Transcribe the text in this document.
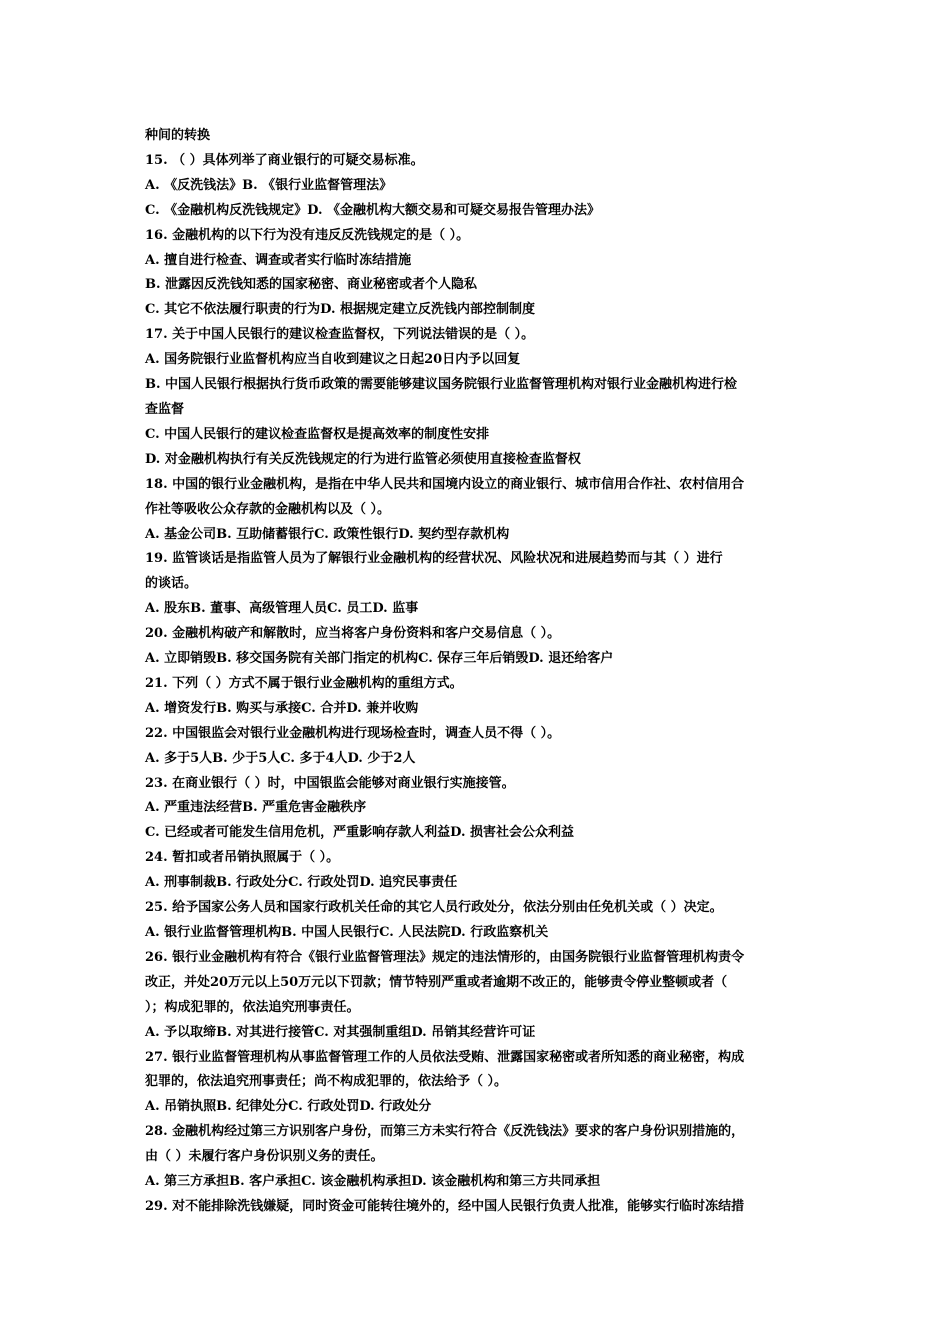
种间的转换
15. （ ）具体列举了商业银行的可疑交易标准。
A. 《反洗钱法》B. 《银行业监督管理法》
C. 《金融机构反洗钱规定》D. 《金融机构大额交易和可疑交易报告管理办法》
16. 金融机构的以下行为没有违反反洗钱规定的是（ ）。
A. 擅自进行检查、调查或者实行临时冻结措施
B. 泄露因反洗钱知悉的国家秘密、商业秘密或者个人隐私
C. 其它不依法履行职责的行为D. 根据规定建立反洗钱内部控制制度
17. 关于中国人民银行的建议检查监督权，下列说法错误的是（ ）。
A. 国务院银行业监督机构应当自收到建议之日起20日内予以回复
B. 中国人民银行根据执行货币政策的需要能够建议国务院银行业监督管理机构对银行业金融机构进行检
查监督
C. 中国人民银行的建议检查监督权是提高效率的制度性安排
D. 对金融机构执行有关反洗钱规定的行为进行监管必须使用直接检查监督权
18. 中国的银行业金融机构，是指在中华人民共和国境内设立的商业银行、城市信用合作社、农村信用合
作社等吸收公众存款的金融机构以及（ ）。
A. 基金公司B. 互助储蓄银行C. 政策性银行D. 契约型存款机构
19. 监管谈话是指监管人员为了解银行业金融机构的经营状况、风险状况和进展趋势而与其（ ）进行
的谈话。
A. 股东B. 董事、高级管理人员C. 员工D. 监事
20. 金融机构破产和解散时，应当将客户身份资料和客户交易信息（ ）。
A. 立即销毁B. 移交国务院有关部门指定的机构C. 保存三年后销毁D. 退还给客户
21. 下列（ ）方式不属于银行业金融机构的重组方式。
A. 增资发行B. 购买与承接C. 合并D. 兼并收购
22. 中国银监会对银行业金融机构进行现场检查时，调查人员不得（ ）。
A. 多于5人B. 少于5人C. 多于4人D. 少于2人
23. 在商业银行（ ）时，中国银监会能够对商业银行实施接管。
A. 严重违法经营B. 严重危害金融秩序
C. 已经或者可能发生信用危机，严重影响存款人利益D. 损害社会公众利益
24. 暂扣或者吊销执照属于（ ）。
A. 刑事制裁B. 行政处分C. 行政处罚D. 追究民事责任
25. 给予国家公务人员和国家行政机关任命的其它人员行政处分，依法分别由任免机关或（ ）决定。
A. 银行业监督管理机构B. 中国人民银行C. 人民法院D. 行政监察机关
26. 银行业金融机构有符合《银行业监督管理法》规定的违法情形的，由国务院银行业监督管理机构责令
改正，并处20万元以上50万元以下罚款；情节特别严重或者逾期不改正的，能够责令停业整顿或者（
）；构成犯罪的，依法追究刑事责任。
A. 予以取缔B. 对其进行接管C. 对其强制重组D. 吊销其经营许可证
27. 银行业监督管理机构从事监督管理工作的人员依法受贿、泄露国家秘密或者所知悉的商业秘密，构成
犯罪的，依法追究刑事责任；尚不构成犯罪的，依法给予（ ）。
A. 吊销执照B. 纪律处分C. 行政处罚D. 行政处分
28. 金融机构经过第三方识别客户身份，而第三方未实行符合《反洗钱法》要求的客户身份识别措施的，
由（ ）未履行客户身份识别义务的责任。
A. 第三方承担B. 客户承担C. 该金融机构承担D. 该金融机构和第三方共同承担
29. 对不能排除洗钱嫌疑，同时资金可能转往境外的，经中国人民银行负责人批准，能够实行临时冻结措
